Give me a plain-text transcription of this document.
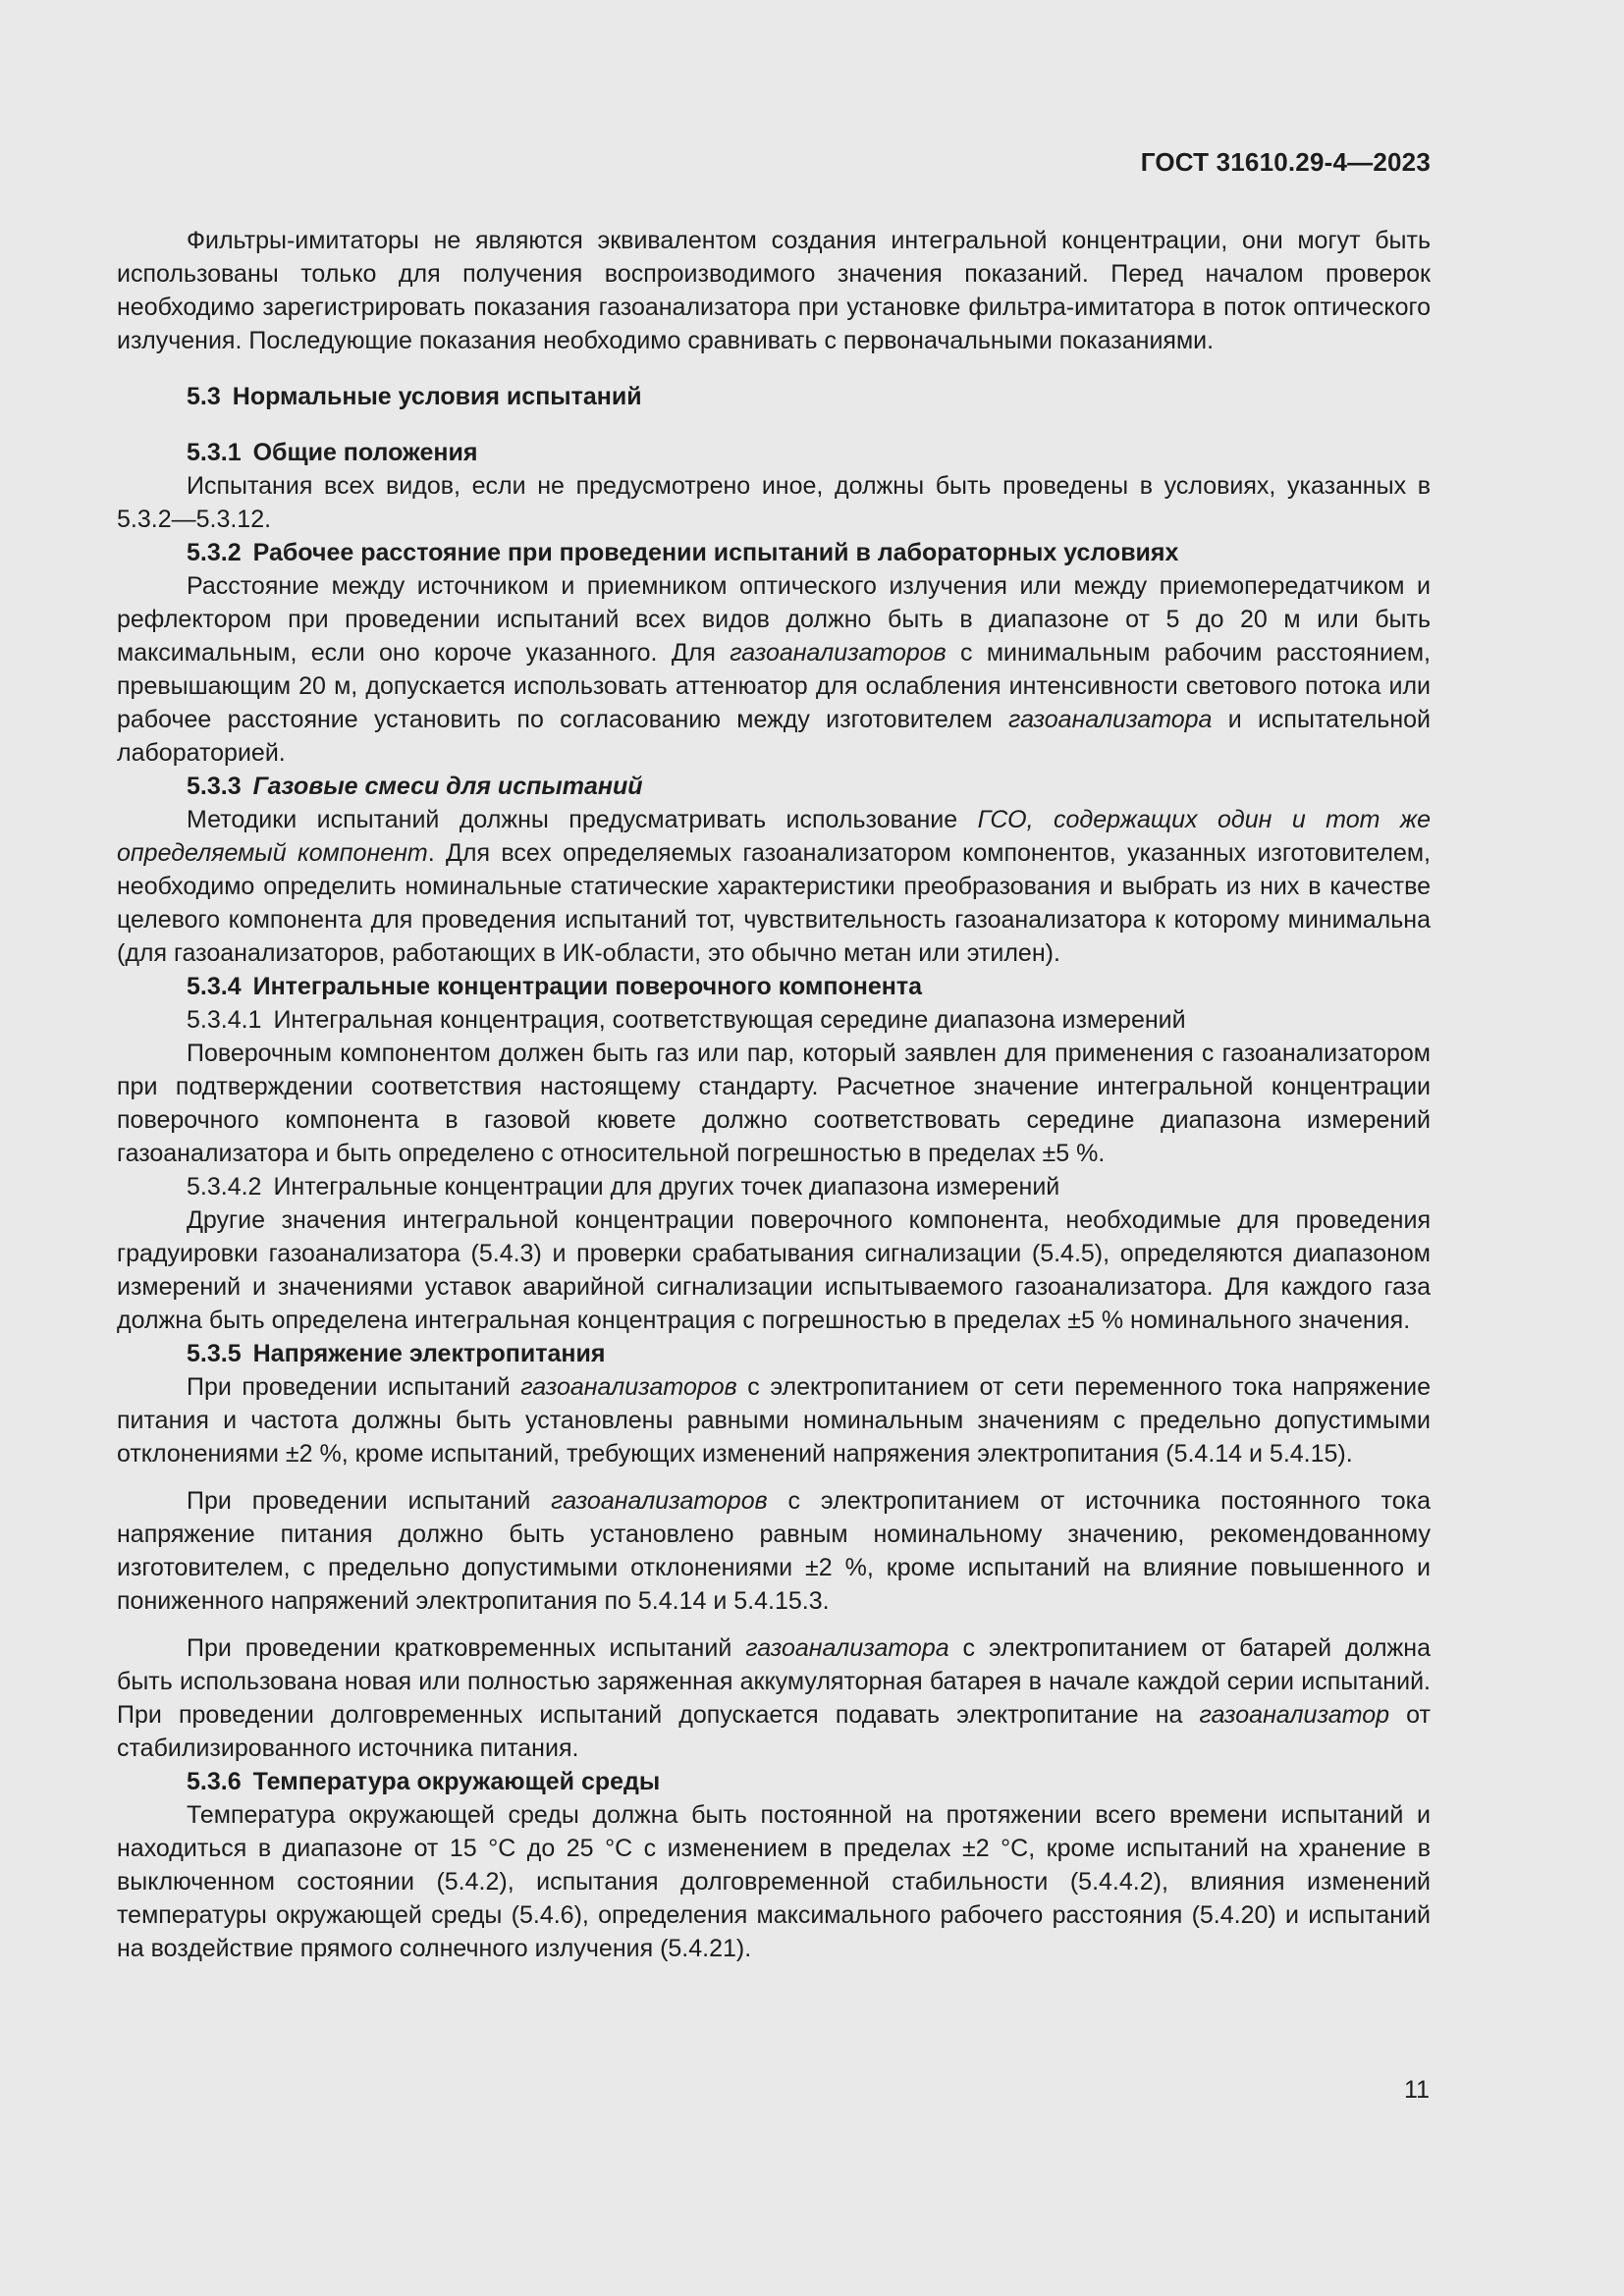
ГОСТ 31610.29-4—2023

Фильтры-имитаторы не являются эквивалентом создания интегральной концентрации, они могут быть использованы только для получения воспроизводимого значения показаний. Перед началом проверок необходимо зарегистрировать показания газоанализатора при установке фильтра-имитатора в поток оптического излучения. Последующие показания необходимо сравнивать с первоначальными показаниями.

5.3 Нормальные условия испытаний

5.3.1 Общие положения

Испытания всех видов, если не предусмотрено иное, должны быть проведены в условиях, указанных в 5.3.2—5.3.12.

5.3.2 Рабочее расстояние при проведении испытаний в лабораторных условиях

Расстояние между источником и приемником оптического излучения или между приемопередатчиком и рефлектором при проведении испытаний всех видов должно быть в диапазоне от 5 до 20 м или быть максимальным, если оно короче указанного. Для газоанализаторов с минимальным рабочим расстоянием, превышающим 20 м, допускается использовать аттенюатор для ослабления интенсивности светового потока или рабочее расстояние установить по согласованию между изготовителем газоанализатора и испытательной лабораторией.

5.3.3 Газовые смеси для испытаний

Методики испытаний должны предусматривать использование ГСО, содержащих один и тот же определяемый компонент. Для всех определяемых газоанализатором компонентов, указанных изготовителем, необходимо определить номинальные статические характеристики преобразования и выбрать из них в качестве целевого компонента для проведения испытаний тот, чувствительность газоанализатора к которому минимальна (для газоанализаторов, работающих в ИК-области, это обычно метан или этилен).

5.3.4 Интегральные концентрации поверочного компонента

5.3.4.1 Интегральная концентрация, соответствующая середине диапазона измерений

Поверочным компонентом должен быть газ или пар, который заявлен для применения с газоанализатором при подтверждении соответствия настоящему стандарту. Расчетное значение интегральной концентрации поверочного компонента в газовой кювете должно соответствовать середине диапазона измерений газоанализатора и быть определено с относительной погрешностью в пределах ±5 %.

5.3.4.2 Интегральные концентрации для других точек диапазона измерений

Другие значения интегральной концентрации поверочного компонента, необходимые для проведения градуировки газоанализатора (5.4.3) и проверки срабатывания сигнализации (5.4.5), определяются диапазоном измерений и значениями уставок аварийной сигнализации испытываемого газоанализатора. Для каждого газа должна быть определена интегральная концентрация с погрешностью в пределах ±5 % номинального значения.

5.3.5 Напряжение электропитания

При проведении испытаний газоанализаторов с электропитанием от сети переменного тока напряжение питания и частота должны быть установлены равными номинальным значениям с предельно допустимыми отклонениями ±2 %, кроме испытаний, требующих изменений напряжения электропитания (5.4.14 и 5.4.15).

При проведении испытаний газоанализаторов с электропитанием от источника постоянного тока напряжение питания должно быть установлено равным номинальному значению, рекомендованному изготовителем, с предельно допустимыми отклонениями ±2 %, кроме испытаний на влияние повышенного и пониженного напряжений электропитания по 5.4.14 и 5.4.15.3.

При проведении кратковременных испытаний газоанализатора с электропитанием от батарей должна быть использована новая или полностью заряженная аккумуляторная батарея в начале каждой серии испытаний. При проведении долговременных испытаний допускается подавать электропитание на газоанализатор от стабилизированного источника питания.

5.3.6 Температура окружающей среды

Температура окружающей среды должна быть постоянной на протяжении всего времени испытаний и находиться в диапазоне от 15 °С до 25 °С с изменением в пределах ±2 °С, кроме испытаний на хранение в выключенном состоянии (5.4.2), испытания долговременной стабильности (5.4.4.2), влияния изменений температуры окружающей среды (5.4.6), определения максимального рабочего расстояния (5.4.20) и испытаний на воздействие прямого солнечного излучения (5.4.21).

11
